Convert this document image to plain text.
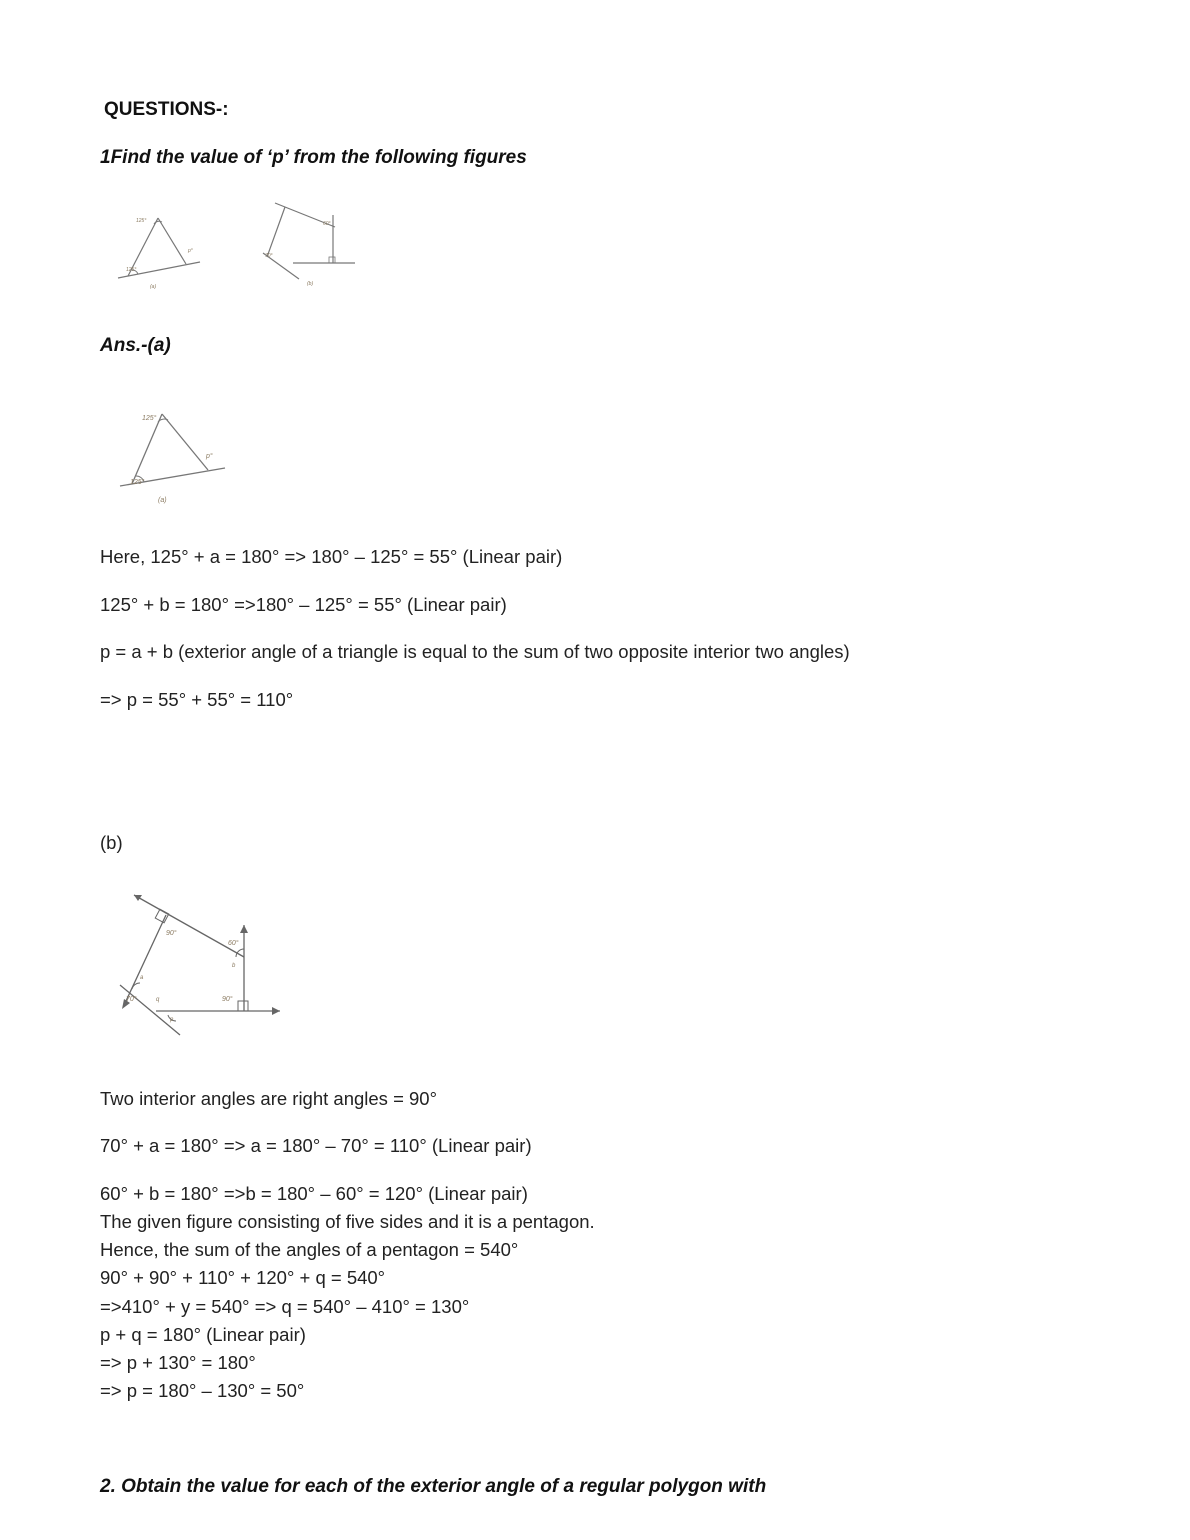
QUESTIONS-:
1Find the value of ‘p’ from the following figures
125°
125°
p°
(a)
60°
70°
(b)
Ans.-(a)
125°
125°
p°
(a)
Here, 125° + a = 180° => 180° – 125° = 55° (Linear pair)
125° + b = 180° =>180° – 125° = 55° (Linear pair)
p = a + b (exterior angle of a triangle is equal to the sum of two opposite interior two angles)
=> p = 55° + 55° = 110°
(b)
90°
60°
b
a
70°	q	90°
p
Two interior angles are right angles = 90°
70° + a = 180° => a = 180° – 70° = 110° (Linear pair)
60° + b = 180° =>b = 180° – 60° = 120° (Linear pair)
The given figure consisting of five sides and it is a pentagon.
Hence, the sum of the angles of a pentagon = 540°
90° + 90° + 110° + 120° + q = 540°
=>410° + y = 540° => q = 540° – 410° = 130°
p + q = 180° (Linear pair)
=> p + 130° = 180°
=> p = 180° – 130° = 50°
2. Obtain the value for each of the exterior angle of a regular polygon with
